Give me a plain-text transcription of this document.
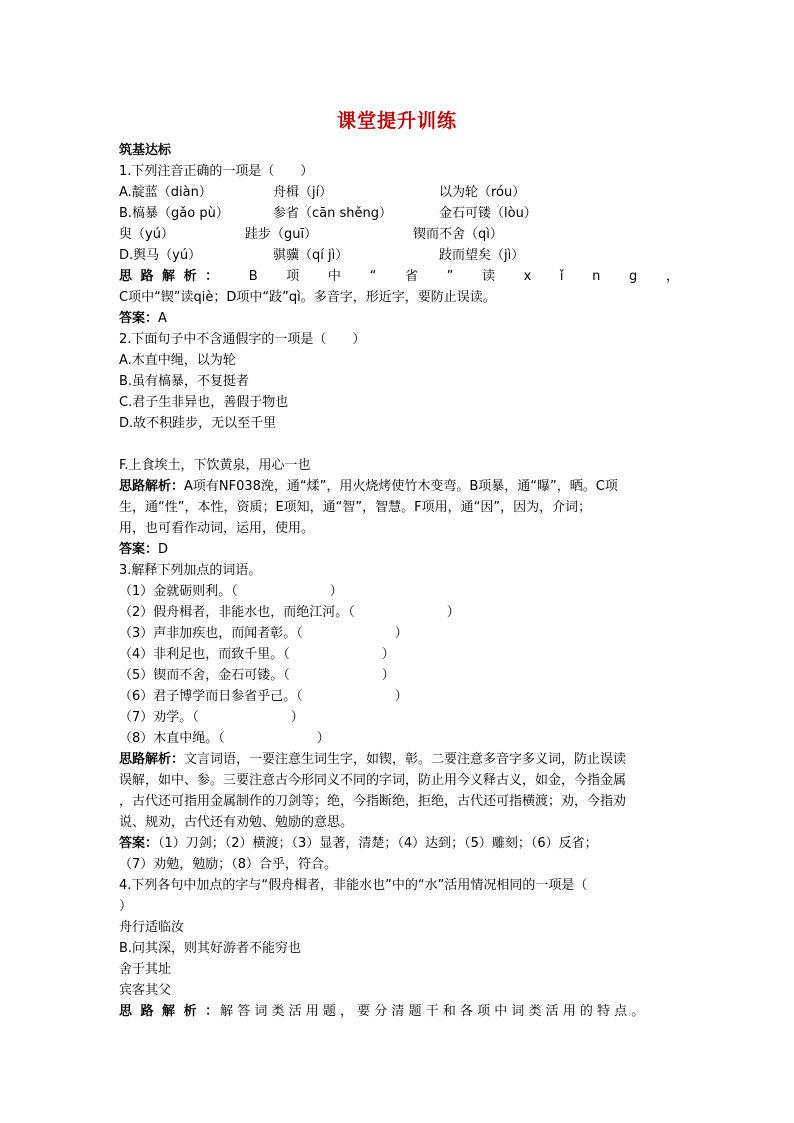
课堂提升训练
筑基达标
1.下列注音正确的一项是（　　）
A.靛蓝（diàn）	舟楫（jí）	以为轮（róu）
B.槁暴（gǎo pù）	参省（cān shěng）	金石可镂（lòu）
臾（yú）	跬步（guī）	锲而不舍（qì）
D.舆马（yú）	骐骥（qí jì）	跂而望矣（jì）
思 路 解 析 ： B 项 中 “ 省 ” 读 x ǐ n g ，
C项中“锲”读qiè；D项中“跂”qì。多音字，形近字，要防止误读。
答案：A
2.下面句子中不含通假字的一项是（　　）
A.木直中绳，以为轮
B.虽有槁暴，不复挺者
C.君子生非异也，善假于物也
D.故不积跬步，无以至千里
F.上食埃土，下饮黄泉，用心一也
思路解析：A项有NF038浼，通“煣”，用火烧烤使竹木变弯。B项暴，通“曝”，晒。C项
生，通“性”，本性，资质；E项知，通“智”，智慧。F项用，通“因”，因为，介词；
用，也可看作动词，运用，使用。
答案：D
3.解释下列加点的词语。
（1）金就砺则利。（	）
（2）假舟楫者，非能水也，而绝江河。（	）
（3）声非加疾也，而闻者彰。（	）
（4）非利足也，而致千里。（	）
（5）锲而不舍，金石可镂。（	）
（6）君子博学而日参省乎己。（	）
（7）劝学。（	）
（8）木直中绳。（	）
思路解析：文言词语，一要注意生词生字，如锲，彰。二要注意多音字多义词，防止误读
误解，如中、参。三要注意古今形同义不同的字词，防止用今义释古义，如金，今指金属
，古代还可指用金属制作的刀剑等；绝，今指断绝，拒绝，古代还可指横渡；劝，今指劝
说、规劝，古代还有劝勉、勉励的意思。
答案：（1）刀剑；（2）横渡；（3）显著，清楚；（4）达到；（5）雕刻；（6）反省；
（7）劝勉，勉励；（8）合乎，符合。
4.下列各句中加点的字与“假舟楫者，非能水也”中的“水”活用情况相同的一项是（
）
舟行适临汝
B.问其深，则其好游者不能穷也
舍于其址
宾客其父
思 路 解 析 ：解 答 词 类 活 用 题 ， 要 分 清 题 干 和 各 项 中 词 类 活 用 的 特 点 。
